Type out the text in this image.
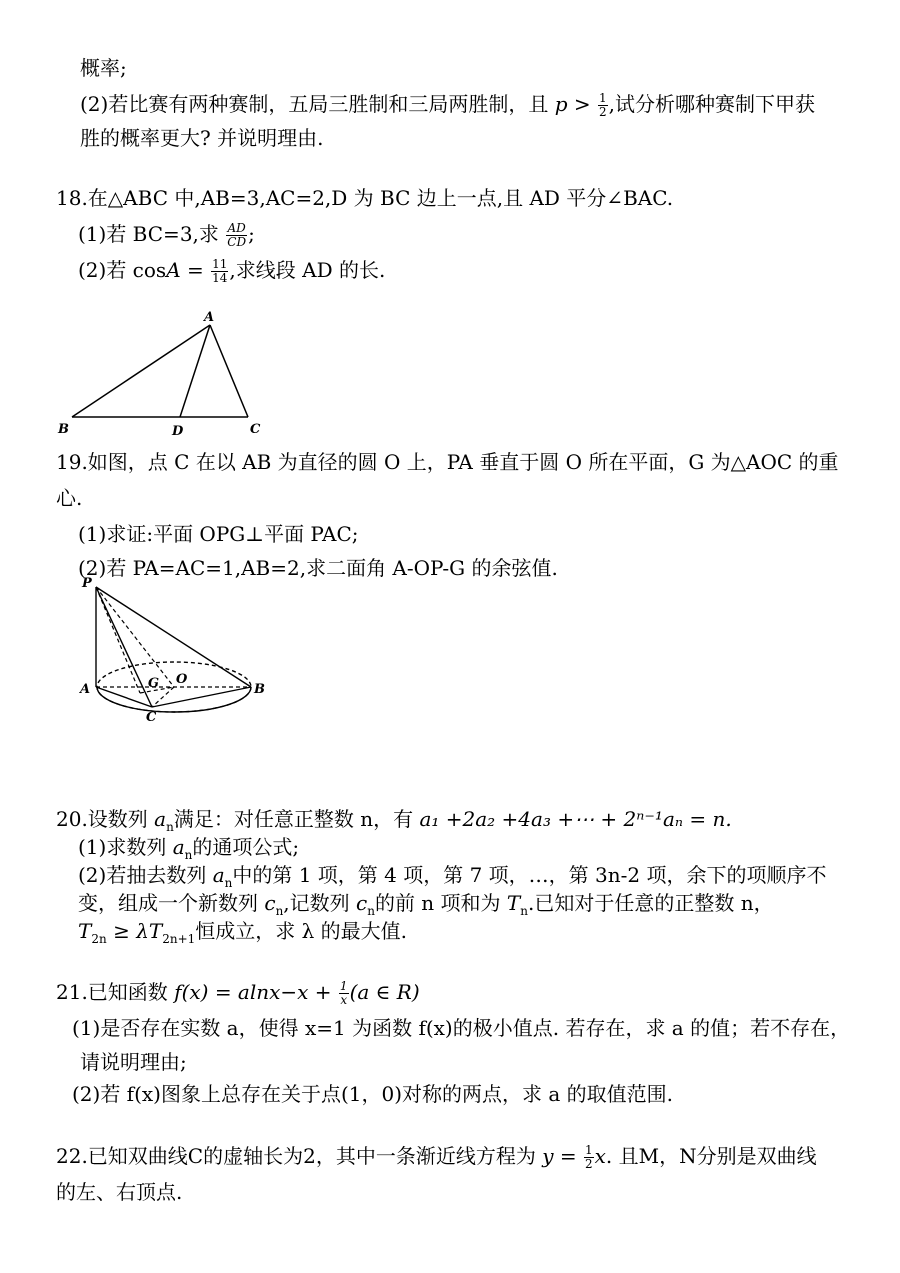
概率;
(2)若比赛有两种赛制，五局三胜制和三局两胜制，且 $p > \frac{1}{2}$ ,试分析哪种赛制下甲获
胜的概率更大? 并说明理由.
18.在△ABC 中,AB=3,AC=2,D 为 BC 边上一点,且 AD 平分∠BAC.
(1)若 BC=3,求 $\frac{AD}{CD}$ ;
(2)若 $\cos A = \frac{11}{14}$ ,求线段 AD 的长.
A
B	D	C
19.如图，点 C 在以 AB 为直径的圆 O 上，PA 垂直于圆 O 所在平面，G 为△AOC 的重
心.
(1)求证:平面 OPG⊥平面 PAC;
(2)若 PA=AC=1,AB=2,求二面角 A-OP-G 的余弦值.
P
A	B
C
G O
20.设数列 $a_n$满足：对任意正整数 n，有 a₁ +2a₂ +4a₃ +⋯ + 2ⁿ⁻¹aₙ = n.
(1)求数列 $a_n$的通项公式;
(2)若抽去数列 $a_n$中的第 1 项，第 4 项，第 7 项，…，第 3n-2 项，余下的项顺序不
变，组成一个新数列 $c_n$,记数列 $c_n$的前 n 项和为 $T_n$.已知对于任意的正整数 n，
$T_{2n} \ge \lambda T_{2n+1}$恒成立，求 λ 的最大值.
21.已知函数 $f(x) = alnx-x + \frac{1}{x} (a$ ∈ R)
(1)是否存在实数 a，使得 x=1 为函数 f(x)的极小值点. 若存在，求 a 的值；若不存在，
请说明理由;
(2)若 f(x)图象上总存在关于点(1，0)对称的两点，求 a 的取值范围.
22.已知双曲线C的虚轴长为2，其中一条渐近线方程为 $y = \frac{1}{2} x$. 且M，N分别是双曲线
的左、右顶点.
